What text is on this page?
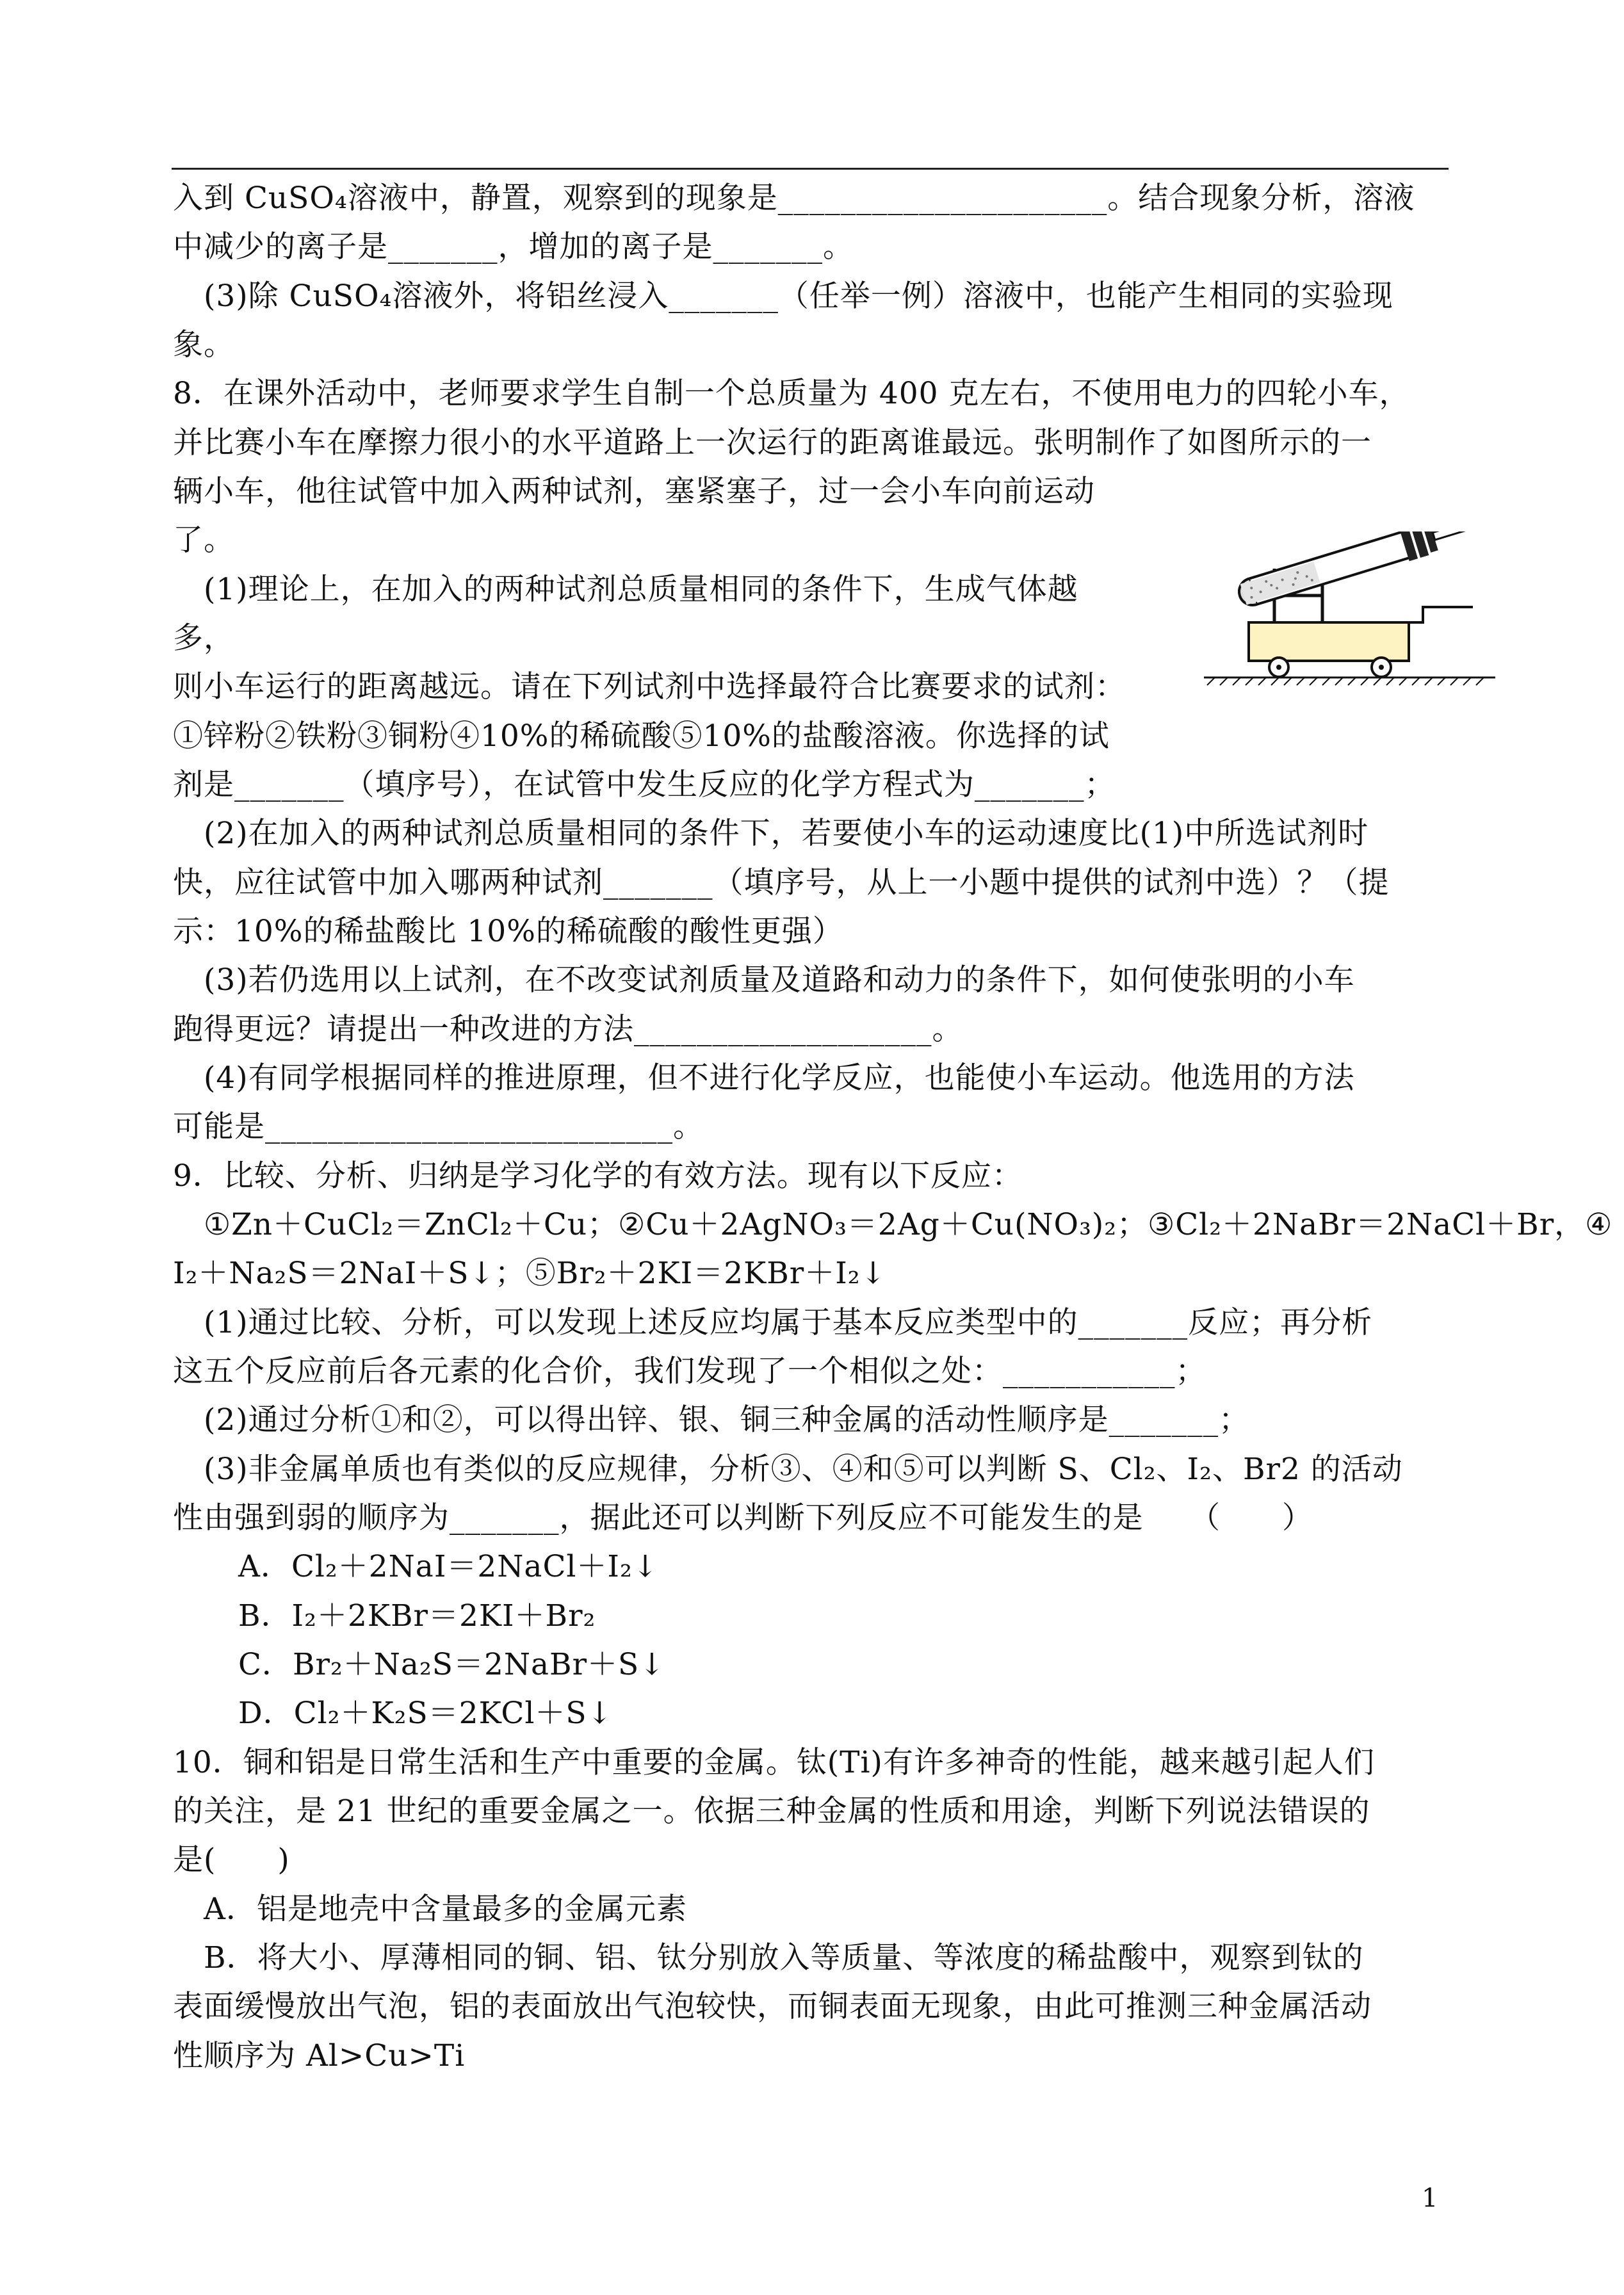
入到 CuSO₄溶液中，静置，观察到的现象是_____________________。结合现象分析，溶液
中减少的离子是_______，增加的离子是_______。
(3)除 CuSO₄溶液外，将铝丝浸入_______（任举一例）溶液中，也能产生相同的实验现
象。
8．在课外活动中，老师要求学生自制一个总质量为 400 克左右，不使用电力的四轮小车，
并比赛小车在摩擦力很小的水平道路上一次运行的距离谁最远。张明制作了如图所示的一
辆小车，他往试管中加入两种试剂，塞紧塞子，过一会小车向前运动
了。
(1)理论上，在加入的两种试剂总质量相同的条件下，生成气体越
多，
则小车运行的距离越远。请在下列试剂中选择最符合比赛要求的试剂：
①锌粉②铁粉③铜粉④10%的稀硫酸⑤10%的盐酸溶液。你选择的试
剂是_______（填序号），在试管中发生反应的化学方程式为_______；
(2)在加入的两种试剂总质量相同的条件下，若要使小车的运动速度比(1)中所选试剂时
快，应往试管中加入哪两种试剂_______（填序号，从上一小题中提供的试剂中选）？（提
示：10%的稀盐酸比 10%的稀硫酸的酸性更强）
(3)若仍选用以上试剂，在不改变试剂质量及道路和动力的条件下，如何使张明的小车
跑得更远？请提出一种改进的方法___________________。
(4)有同学根据同样的推进原理，但不进行化学反应，也能使小车运动。他选用的方法
可能是__________________________。
9．比较、分析、归纳是学习化学的有效方法。现有以下反应：
①Zn＋CuCl₂＝ZnCl₂＋Cu；②Cu＋2AgNO₃＝2Ag＋Cu(NO₃)₂；③Cl₂＋2NaBr＝2NaCl＋Br，④
I₂＋Na₂S＝2NaI＋S↓；⑤Br₂＋2KI＝2KBr＋I₂↓
(1)通过比较、分析，可以发现上述反应均属于基本反应类型中的_______反应；再分析
这五个反应前后各元素的化合价，我们发现了一个相似之处：___________；
(2)通过分析①和②，可以得出锌、银、铜三种金属的活动性顺序是_______；
(3)非金属单质也有类似的反应规律，分析③、④和⑤可以判断 S、Cl₂、I₂、Br2 的活动
性由强到弱的顺序为_______，据此还可以判断下列反应不可能发生的是　　（　　）
A．Cl₂＋2NaI＝2NaCl＋I₂↓
B．I₂＋2KBr＝2KI＋Br₂
C．Br₂＋Na₂S＝2NaBr＋S↓
D．Cl₂＋K₂S＝2KCl＋S↓
10．铜和铝是日常生活和生产中重要的金属。钛(Ti)有许多神奇的性能，越来越引起人们
的关注，是 21 世纪的重要金属之一。依据三种金属的性质和用途，判断下列说法错误的
是(　　)
A．铝是地壳中含量最多的金属元素
B．将大小、厚薄相同的铜、铝、钛分别放入等质量、等浓度的稀盐酸中，观察到钛的
表面缓慢放出气泡，铝的表面放出气泡较快，而铜表面无现象，由此可推测三种金属活动
性顺序为 Al>Cu>Ti
1
